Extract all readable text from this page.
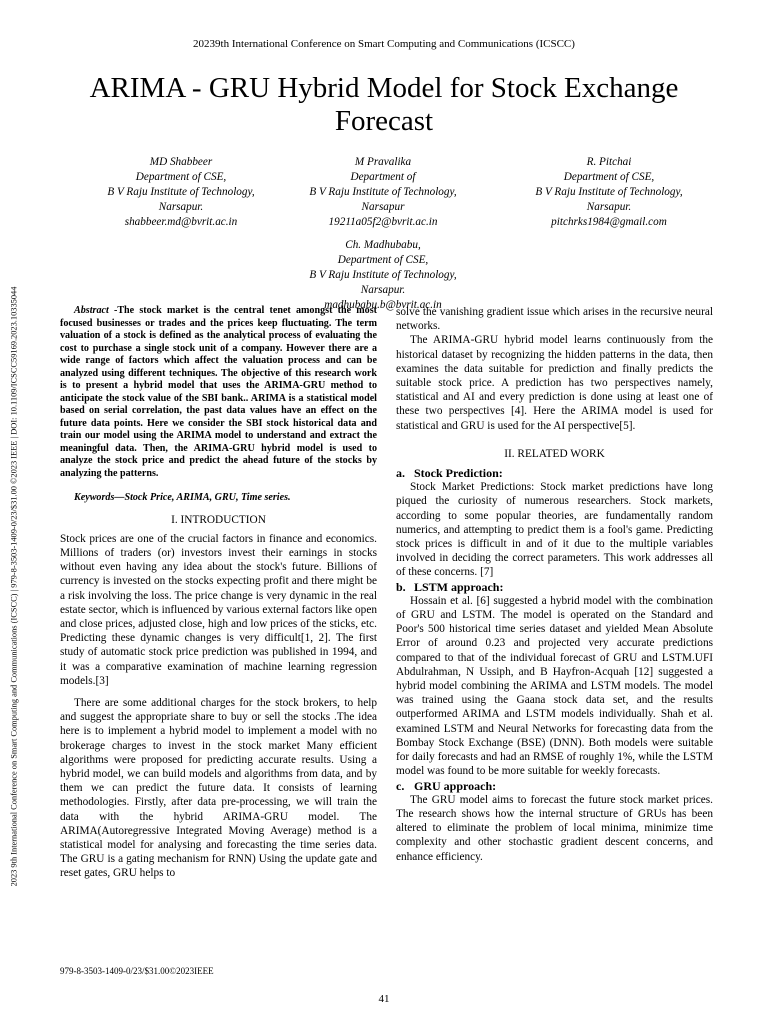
20239th International Conference on Smart Computing and Communications (ICSCC)
ARIMA - GRU Hybrid Model for Stock Exchange Forecast
2023 9th International Conference on Smart Computing and Communications (ICSCC) | 979-8-3503-1409-0/23/$31.00 ©2023 IEEE | DOI: 10.1109/ICSCC59169.2023.10335044
MD Shabbeer
Department of CSE,
B V Raju Institute of Technology,
Narsapur.
shabbeer.md@bvrit.ac.in
M Pravalika
Department of
B V Raju Institute of Technology,
Narsapur
19211a05f2@bvrit.ac.in
R. Pitchai
Department of CSE,
B V Raju Institute of Technology,
Narsapur.
pitchrks1984@gmail.com
Ch. Madhubabu,
Department of CSE,
B V Raju Institute of Technology,
Narsapur.
madhubabu.b@bvrit.ac.in

Abstract -The stock market is the central tenet amongst the most focused businesses or trades and the prices keep fluctuating. The term valuation of a stock is defined as the analytical process of evaluating the cost to purchase a single stock unit of a company. However there are a wide range of factors which affect the valuation process and can be analyzed using different techniques. The objective of this research work is to present a hybrid model that uses the ARIMA-GRU method to anticipate the stock value of the SBI bank.. ARIMA is a statistical model based on serial correlation, the past data values have an effect on the future data points. Here we consider the SBI stock historical data and train our model using the ARIMA model to understand and extract the meaningful data. Then, the ARIMA-GRU hybrid model is used to analyze the stock price and predict the ahead future of the stocks by analyzing the patterns.

Keywords—Stock Price, ARIMA, GRU, Time series.

I. INTRODUCTION

Stock prices are one of the crucial factors in finance and economics. Millions of traders (or) investors invest their earnings in stocks without even having any idea about the stock's future. Billions of currency is invested on the stocks expecting profit and there might be a risk involving the loss. The price change is very dynamic in the real estate sector, which is influenced by various external factors like open and close prices, adjusted close, high and low prices of the sticks, etc. Predicting these dynamic changes is very difficult[1, 2]. The first study of automatic stock price prediction was published in 1994, and it was a comparative examination of machine learning regression models.[3]

There are some additional charges for the stock brokers, to help and suggest the appropriate share to buy or sell the stocks .The idea here is to implement a hybrid model to implement a model with no brokerage charges to invest in the stock market Many efficient algorithms were proposed for predicting accurate results. Using a hybrid model, we can build models and algorithms from data, and by them we can predict the future data. It consists of learning methodologies. Firstly, after data pre-processing, we will train the data with the hybrid ARIMA-GRU model. The ARIMA(Autoregressive Integrated Moving Average) method is a statistical model for analysing and forecasting the time series data. The GRU is a gating mechanism for RNN) Using the update gate and reset gates, GRU helps to

solve the vanishing gradient issue which arises in the recursive neural networks.

The ARIMA-GRU hybrid model learns continuously from the historical dataset by recognizing the hidden patterns in the data, then examines the data suitable for prediction and finally predicts the suitable stock price. A prediction has two perspectives namely, statistical and AI and every prediction is done using at least one of these two perspectives [4]. Here the ARIMA model is used for statistical and GRU is used for the AI perspective[5].

II. RELATED WORK

a. Stock Prediction:

Stock Market Predictions: Stock market predictions have long piqued the curiosity of numerous researchers. Stock markets, according to some popular theories, are fundamentally random numerics, and attempting to predict them is a fool's game. Predicting stock prices is difficult in and of it due to the multiple variables involved in deciding the correct parameters. This work addresses all of these concerns. [7]

b. LSTM approach:

Hossain et al. [6] suggested a hybrid model with the combination of GRU and LSTM. The model is operated on the Standard and Poor's 500 historical time series dataset and yielded Mean Absolute Error of around 0.23 and projected very accurate predictions compared to that of the individual forecast of GRU and LSTM.UFI Abdulrahman, N Ussiph, and B Hayfron-Acquah [12] suggested a hybrid model combining the ARIMA and LSTM models. The model was trained using the Gaana stock data set, and the results outperformed ARIMA and LSTM models individually. Shah et al. examined LSTM and Neural Networks for forecasting data from the Bombay Stock Exchange (BSE) (DNN). Both models were suitable for daily forecasts and had an RMSE of roughly 1%, while the LSTM model was found to be more suitable for weekly forecasts.

c. GRU approach:

The GRU model aims to forecast the future stock market prices. The research shows how the internal structure of GRUs has been altered to eliminate the problem of local minima, minimize time complexity and other stochastic gradient descent concerns, and enhance efficiency.

979-8-3503-1409-0/23/$31.00©2023IEEE
41
